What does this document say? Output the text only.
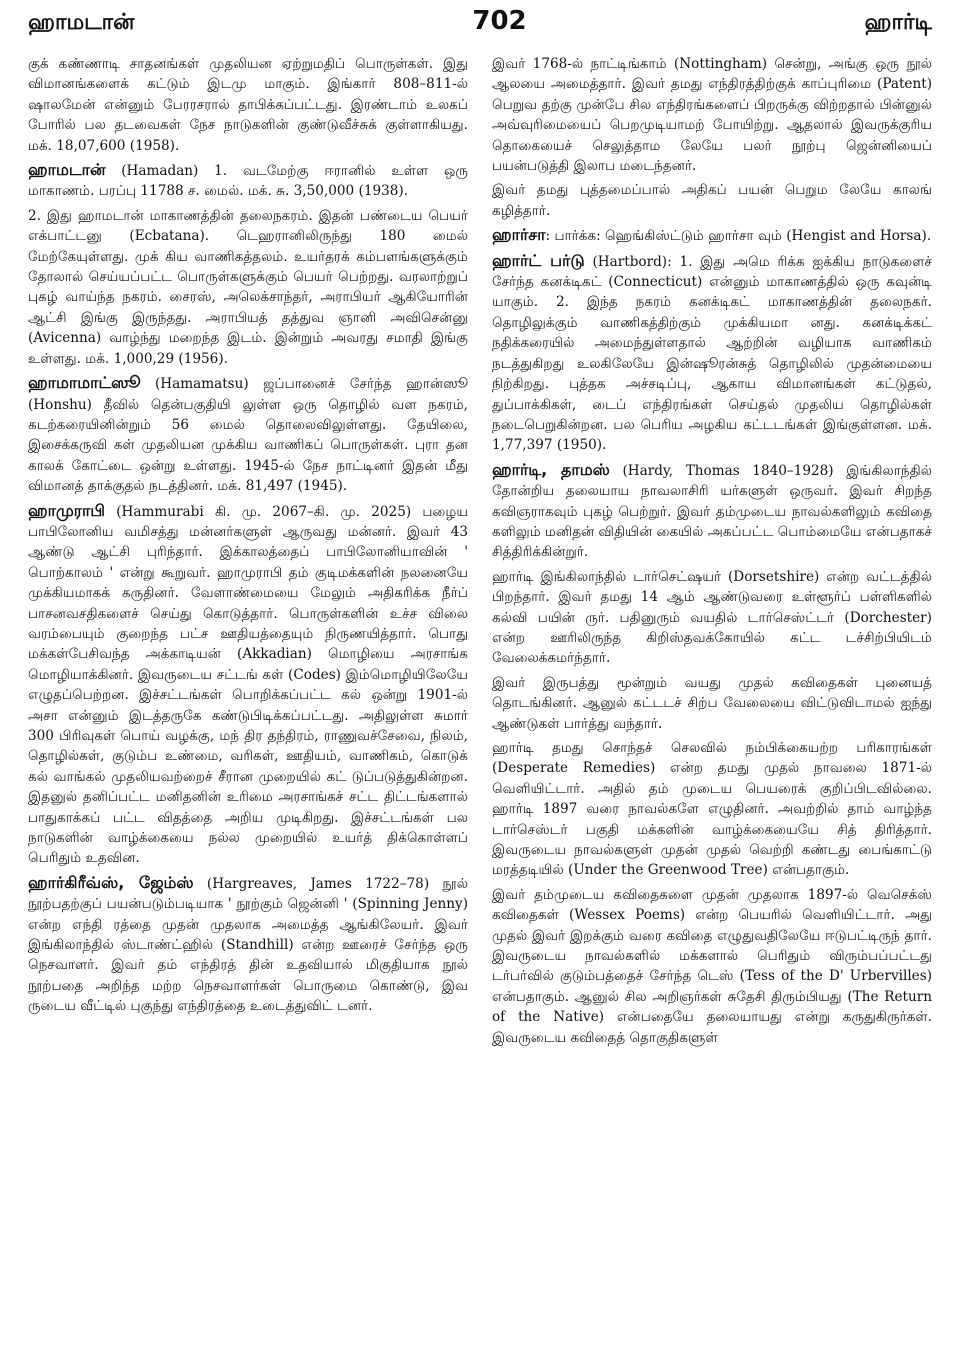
ஹாமடான்	702	ஹார்டி

குக் கண்ணாடி சாதனங்கள் முதலியன ஏற்றுமதிப் பொருள்கள். இது விமானங்களைக் கட்டும் இடமு மாகும். இங்கார் 808–811-ல் ஷாலமேன் என்னும் பேரரசரால் தாபிக்கப்பட்டது. இரண்டாம் உலகப் போரில் பல தடவைகள் நேச நாடுகளின் குண்டுவீச்சுக் குள்ளாகியது. மக். 18,07,600 (1958).

ஹாமடான் (Hamadan) 1. வடமேற்கு ஈரானில் உள்ள ஒரு மாகாணம். பரப்பு 11788 ச. மைல். மக். சு. 3,50,000 (1938).

2. இது ஹாமடான் மாகாணத்தின் தலைநகரம். இதன் பண்டைய பெயர் எக்பாட்டனு (Ecbatana). டெஹரானிலிருந்து 180 மைல் மேற்கேயுள்ளது. முக் கிய வாணிகத்தலம். உயர்தரக் கம்பளங்களுக்கும் தோலால் செய்யப்பட்ட பொருள்களுக்கும் பெயர் பெற்றது. வரலாற்றுப் புகழ் வாய்ந்த நகரம். சைரஸ், அலெக்சாந்தர், அராபியர் ஆகியோரின் ஆட்சி இங்கு இருந்தது. அராபியத் தத்துவ ஞானி அவிசென்னு (Avicenna) வாழ்ந்து மறைந்த இடம். இன்றும் அவரது சமாதி இங்கு உள்ளது. மக். 1,000,29 (1956).

ஹாமாமாட்ஸூ (Hamamatsu) ஜப்பானைச் சேர்ந்த ஹான்ஸூ (Honshu) தீவில் தென்பகுதியி லுள்ள ஒரு தொழில் வள நகரம், கடற்கரையினின்றும் 56 மைல் தொலைவிலுள்ளது. தேயிலை, இசைக்கருவி கள் முதலியன முக்கிய வாணிகப் பொருள்கள். புரா தன காலக் கோட்டை ஒன்று உள்ளது. 1945-ல் நேச நாட்டினர் இதன் மீது விமானத் தாக்குதல் நடத்தினர். மக். 81,497 (1945).

ஹாமுராபி (Hammurabi கி. மு. 2067–கி. மு. 2025) பழைய பாபிலோனிய வமிசத்து மன்னர்களுள் ஆருவது மன்னர். இவர் 43 ஆண்டு ஆட்சி புரிந்தார். இக்காலத்தைப் பாபிலோனியாவின் ' பொற்காலம் ' என்று கூறுவர். ஹாமுராபி தம் குடிமக்களின் நலனையே முக்கியமாகக் கருதினர். வேளாண்மையை மேலும் அதிகரிக்க நீர்ப் பாசனவசதிகளைச் செய்து கொடுத்தார். பொருள்களின் உச்ச விலை வரம்பையும் குறைந்த பட்ச ஊதியத்தையும் நிருணயித்தார். பொது மக்கள்பேசிவந்த அக்காடியன் (Akkadian) மொழியை அரசாங்க மொழியாக்கினர். இவருடைய சட்டங் கள் (Codes) இம்மொழியிலேயே எழுதப்பெற்றன. இச்சட்டங்கள் பொறிக்கப்பட்ட கல் ஒன்று 1901-ல் அசா என்னும் இடத்தருகே கண்டுபிடிக்கப்பட்டது. அதிலுள்ள சுமார் 300 பிரிவுகள் பொய் வழக்கு, மந் திர தந்திரம், ராணுவச்சேவை, நிலம், தொழில்கள், குடும்ப உண்மை, வரிகள், ஊதியம், வாணிகம், கொடுக் கல் வாங்கல் முதலியவற்றைச் சீரான முறையில் கட் டுப்படுத்துகின்றன. இதனுல் தனிப்பட்ட மனிதனின் உரிமை அரசாங்கச் சட்ட திட்டங்களால் பாதுகாக்கப் பட்ட விதத்தை அறிய முடிகிறது. இச்சட்டங்கள் பல நாடுகளின் வாழ்க்கையை நல்ல முறையில் உயர்த் திக்கொள்ளப் பெரிதும் உதவின.

ஹார்கிரீவ்ஸ், ஜேம்ஸ் (Hargreaves, James 1722–78) நூல் நூற்பதற்குப் பயன்படும்படியாக ' நூற்கும் ஜென்னி ' (Spinning Jenny) என்ற எந்தி ரத்தை முதன் முதலாக அமைத்த ஆங்கிலேயர். இவர் இங்கிலாந்தில் ஸ்டாண்ட்ஹில் (Standhill) என்ற ஊரைச் சேர்ந்த ஒரு நெசவாளர். இவர் தம் எந்திரத் தின் உதவியால் மிகுதியாக நூல் நூற்பதை அறிந்த மற்ற நெசவாளர்கள் பொருமை கொண்டு, இவ ருடைய வீட்டில் புகுந்து எந்திரத்தை உடைத்துவிட் டனர்.

இவர் 1768-ல் நாட்டிங்காம் (Nottingham) சென்று, அங்கு ஒரு நூல் ஆலயை அமைத்தார். இவர் தமது எந்திரத்திற்குக் காப்புரிமை (Patent) பெறுவ தற்கு முன்பே சில எந்திரங்களைப் பிறருக்கு விற்றதால் பின்னுல் அவ்வுரிமையைப் பெறமுடியாமற் போயிற்று. ஆதலால் இவருக்குரிய தொகையைச் செலுத்தாம லேயே பலர் நூற்பு ஜென்னியைப் பயன்படுத்தி இலாப மடைந்தனர்.

இவர் தமது புத்தமைப்பால் அதிகப் பயன் பெறும லேயே காலங் கழித்தார்.

ஹார்சா: பார்க்க: ஹெங்கிஸ்ட்டும் ஹார்சா வும் (Hengist and Horsa).

ஹார்ட் பர்டு (Hartbord): 1. இது அமெ ரிக்க ஐக்கிய நாடுகளைச் சேர்ந்த கனக்டிகட் (Connecticut) என்னும் மாகாணத்தில் ஒரு கவுன்டி யாகும். 2. இந்த நகரம் கனக்டிகட் மாகாணத்தின் தலைநகர். தொழிலுக்கும் வாணிகத்திற்கும் முக்கியமா னது. கனக்டிக்கட் நதிக்கரையில் அமைந்துள்ளதால் ஆற்றின் வழியாக வாணிகம் நடத்துகிறது உலகிலேயே இன்ஷூரன்சுத் தொழிலில் முதன்மையை நிற்கிறது. புத்தக அச்சடிப்பு, ஆகாய விமானங்கள் கட்டுதல், துப்பாக்கிகள், டைப் எந்திரங்கள் செய்தல் முதலிய தொழில்கள் நடைபெறுகின்றன. பல பெரிய அழகிய கட்டடங்கள் இங்குள்ளன. மக். 1,77,397 (1950).

ஹார்டி, தாமஸ் (Hardy, Thomas 1840–1928) இங்கிலாந்தில் தோன்றிய தலையாய நாவலாசிரி யர்களுள் ஒருவர். இவர் சிறந்த கவிஞராகவும் புகழ் பெற்றுர். இவர் தம்முடைய நாவல்களிலும் கவிதை களிலும் மனிதன் விதியின் கையில் அகப்பட்ட பொம்மையே என்பதாகச் சித்திரிக்கின்றுர்.

ஹார்டி இங்கிலாந்தில் டார்செட்ஷயர் (Dorsetshire) என்ற வட்டத்தில் பிறந்தார். இவர் தமது 14 ஆம் ஆண்டுவரை உள்ளூர்ப் பள்ளிகளில் கல்வி பயின் ருர். பதினுரும் வயதில் டார்செஸ்ட்டர் (Dorchester) என்ற ஊரிலிருந்த கிறிஸ்தவக்கோயில் கட்ட டச்சிற்பியிடம் வேலைக்கமர்ந்தார்.

இவர் இருபத்து மூன்றும் வயது முதல் கவிதைகள் புனையத் தொடங்கினர். ஆனுல் கட்டடச் சிற்ப வேலையை விட்டுவிடாமல் ஐந்து ஆண்டுகள் பார்த்து வந்தார்.

ஹார்டி தமது சொந்தச் செலவில் நம்பிக்கையற்ற பரிகாரங்கள் (Desperate Remedies) என்ற தமது முதல் நாவலை 1871-ல் வெளியிட்டார். அதில் தம் முடைய பெயரைக் குறிப்பிடவில்லை. ஹார்டி 1897 வரை நாவல்களே எழுதினர். அவற்றில் தாம் வாழ்ந்த டார்செஸ்டர் பகுதி மக்களின் வாழ்க்கையையே சித் திரித்தார். இவருடைய நாவல்களுள் முதன் முதல் வெற்றி கண்டது பைங்காட்டு மரத்தடியில் (Under the Greenwood Tree) என்பதாகும்.

இவர் தம்முடைய கவிதைகளை முதன் முதலாக 1897-ல் வெசெக்ஸ் கவிதைகள் (Wessex Poems) என்ற பெயரில் வெளியிட்டார். அது முதல் இவர் இறக்கும் வரை கவிதை எழுதுவதிலேயே ஈடுபட்டிருந் தார். இவருடைய நாவல்களில் மக்களால் பெரிதும் விரும்பப்பட்டது டர்பர்வில் குடும்பத்தைச் சேர்ந்த டெஸ் (Tess of the D' Urbervilles) என்பதாகும். ஆனுல் சில அறிஞர்கள் சுதேசி திரும்பியது (The Return of the Native) என்பதையே தலையாயது என்று கருதுகிருர்கள். இவருடைய கவிதைத் தொகுதிகளுள்
